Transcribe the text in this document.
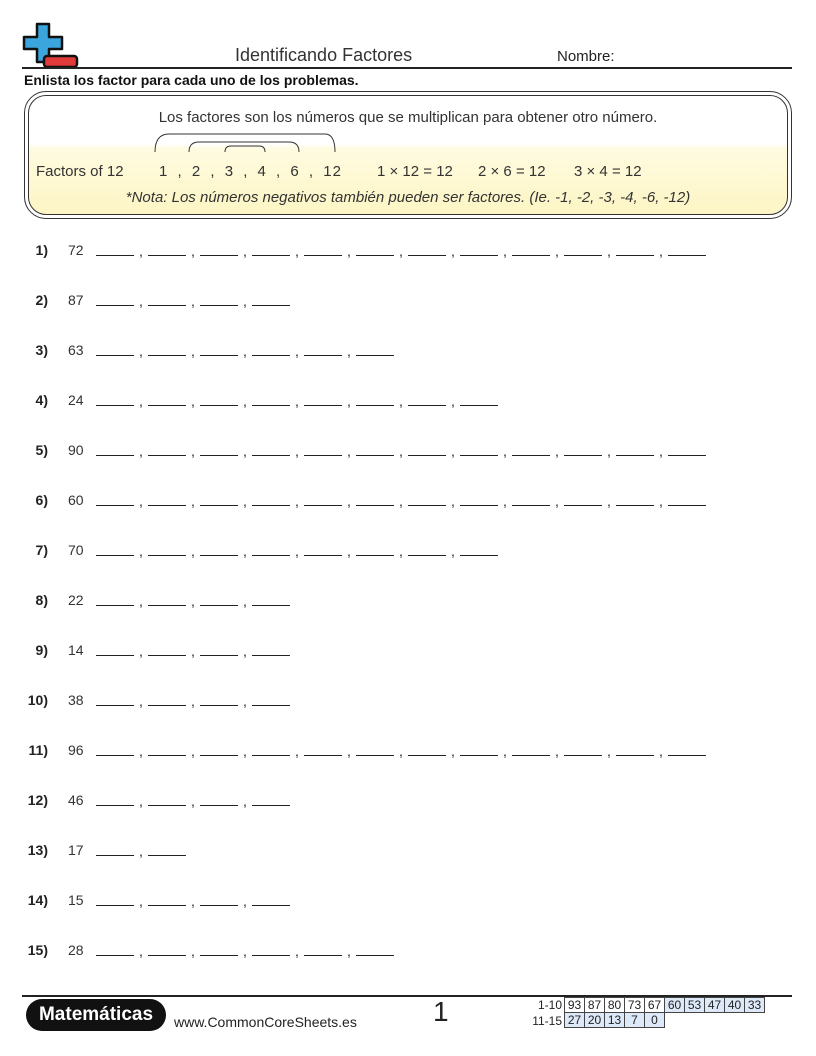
Identificando Factores	Nombre:
Enlista los factor para cada uno de los problemas.
Los factores son los números que se multiplican para obtener otro número.
Factors of 12 1 , 2 , 3 , 4 , 6 , 12 1 × 12 = 12 2 × 6 = 12 3 × 4 = 12
*Nota: Los números negativos también pueden ser factores. (Ie. -1, -2, -3, -4, -6, -12)
1) 72	,	,	,	,	,	,	,	,	,	,	,
2) 87	,	,	,
3) 63	,	,	,	,	,
4) 24	,	,	,	,	,	,	,
5) 90	,	,	,	,	,	,	,	,	,	,	,
6) 60	,	,	,	,	,	,	,	,	,	,	,
7) 70	,	,	,	,	,	,	,
8) 22	,	,	,
9) 14	,	,	,
10) 38	,	,	,
11) 96	,	,	,	,	,	,	,	,	,	,	,
12) 46	,	,	,
13) 17	,
14) 15	,	,	,
15) 28	,	,	,	,	,
Matemáticas	www.CommonCoreSheets.es	1	1-10 93 87 80 73 67 60 53 47 40 33
11-15 27 20 13 7	0
